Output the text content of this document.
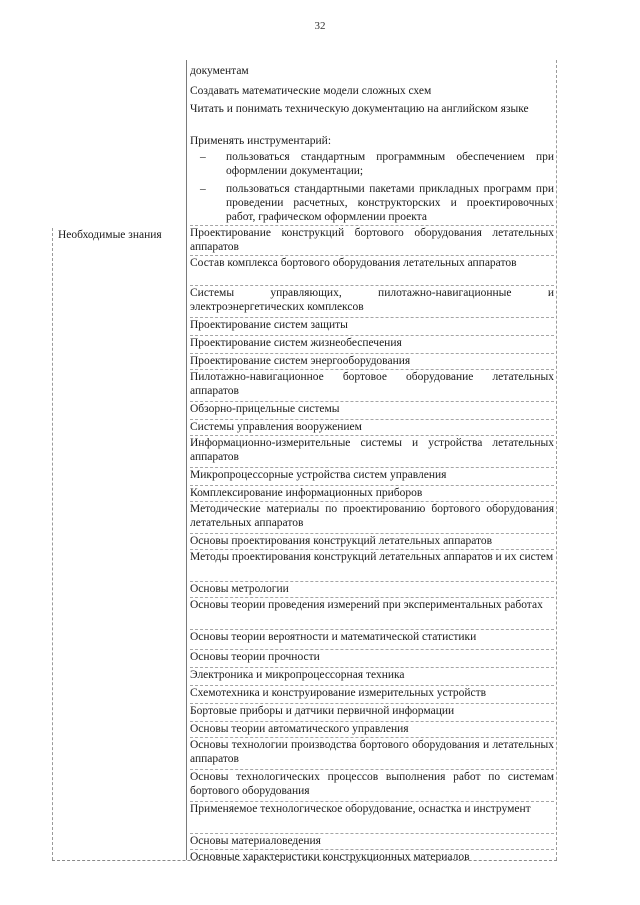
32
Необходимые знания
документам
Создавать математические модели сложных схем
Читать и понимать техническую документацию на английском языке
Применять инструментарий:
– пользоваться стандартным программным обеспечением при оформлении документации;
– пользоваться стандартными пакетами прикладных программ при проведении расчетных, конструкторских и проектировочных работ, графическом оформлении проекта
Проектирование конструкций бортового оборудования летательных аппаратов
Состав комплекса бортового оборудования летательных аппаратов
Системы управляющих, пилотажно-навигационные и электроэнергетических комплексов
Проектирование систем защиты
Проектирование систем жизнеобеспечения
Проектирование систем энергооборудования
Пилотажно-навигационное бортовое оборудование летательных аппаратов
Обзорно-прицельные системы
Системы управления вооружением
Информационно-измерительные системы и устройства летательных аппаратов
Микропроцессорные устройства систем управления
Комплексирование информационных приборов
Методические материалы по проектированию бортового оборудования летательных аппаратов
Основы проектирования конструкций летательных аппаратов
Методы проектирования конструкций летательных аппаратов и их систем
Основы метрологии
Основы теории проведения измерений при экспериментальных работах
Основы теории вероятности и математической статистики
Основы теории прочности
Электроника и микропроцессорная техника
Схемотехника и конструирование измерительных устройств
Бортовые приборы и датчики первичной информации
Основы теории автоматического управления
Основы технологии производства бортового оборудования и летательных аппаратов
Основы технологических процессов выполнения работ по системам бортового оборудования
Применяемое технологическое оборудование, оснастка и инструмент
Основы материаловедения
Основные характеристики конструкционных материалов
